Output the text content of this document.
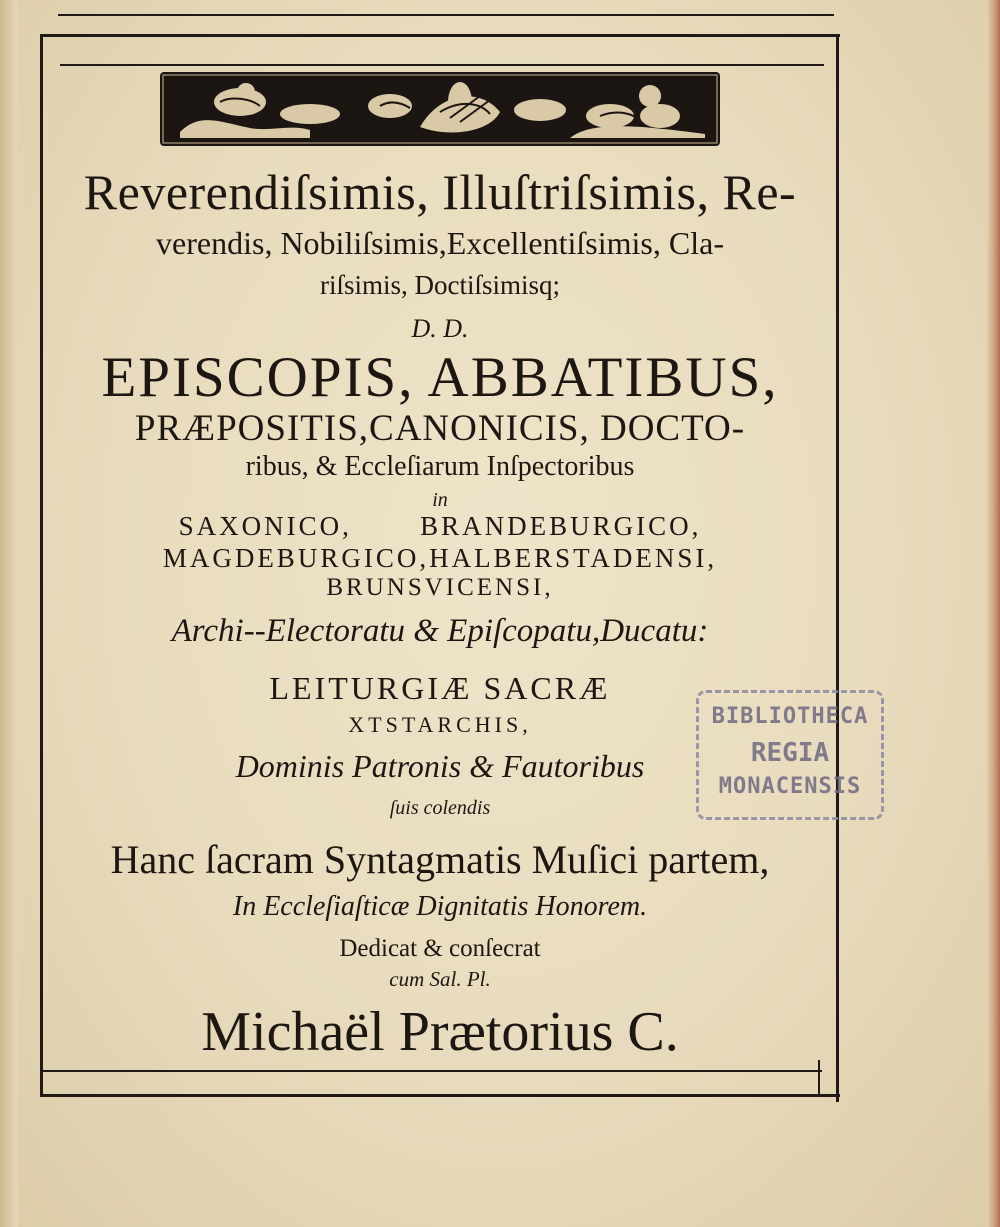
Reverendiſsimis, Illuſtriſsimis, Re-
verendis, Nobiliſsimis,Excellentiſsimis, Cla-
riſsimis, Doctiſsimisq;
D. D.
EPISCOPIS, ABBATIBUS,
PRÆPOSITIS,CANONICIS, DOCTO-
ribus, & Eccleſiarum Inſpectoribus
in
SAXONICO,       BRANDEBURGICO,
MAGDEBURGICO,HALBERSTADENSI,
BRUNSVICENSI,
Archi--Electoratu & Epiſcopatu,Ducatu:
LEITURGIÆ SACRÆ
XTSTARCHIS,
Dominis Patronis & Fautoribus
ſuis colendis
Hanc ſacram Syntagmatis Muſici partem,
In Eccleſiaſticæ Dignitatis Honorem.
Dedicat & conſecrat
cum Sal. Pl.
Michaël Prætorius C.
BIBLIOTHECA
REGIA
MONACENSIS
